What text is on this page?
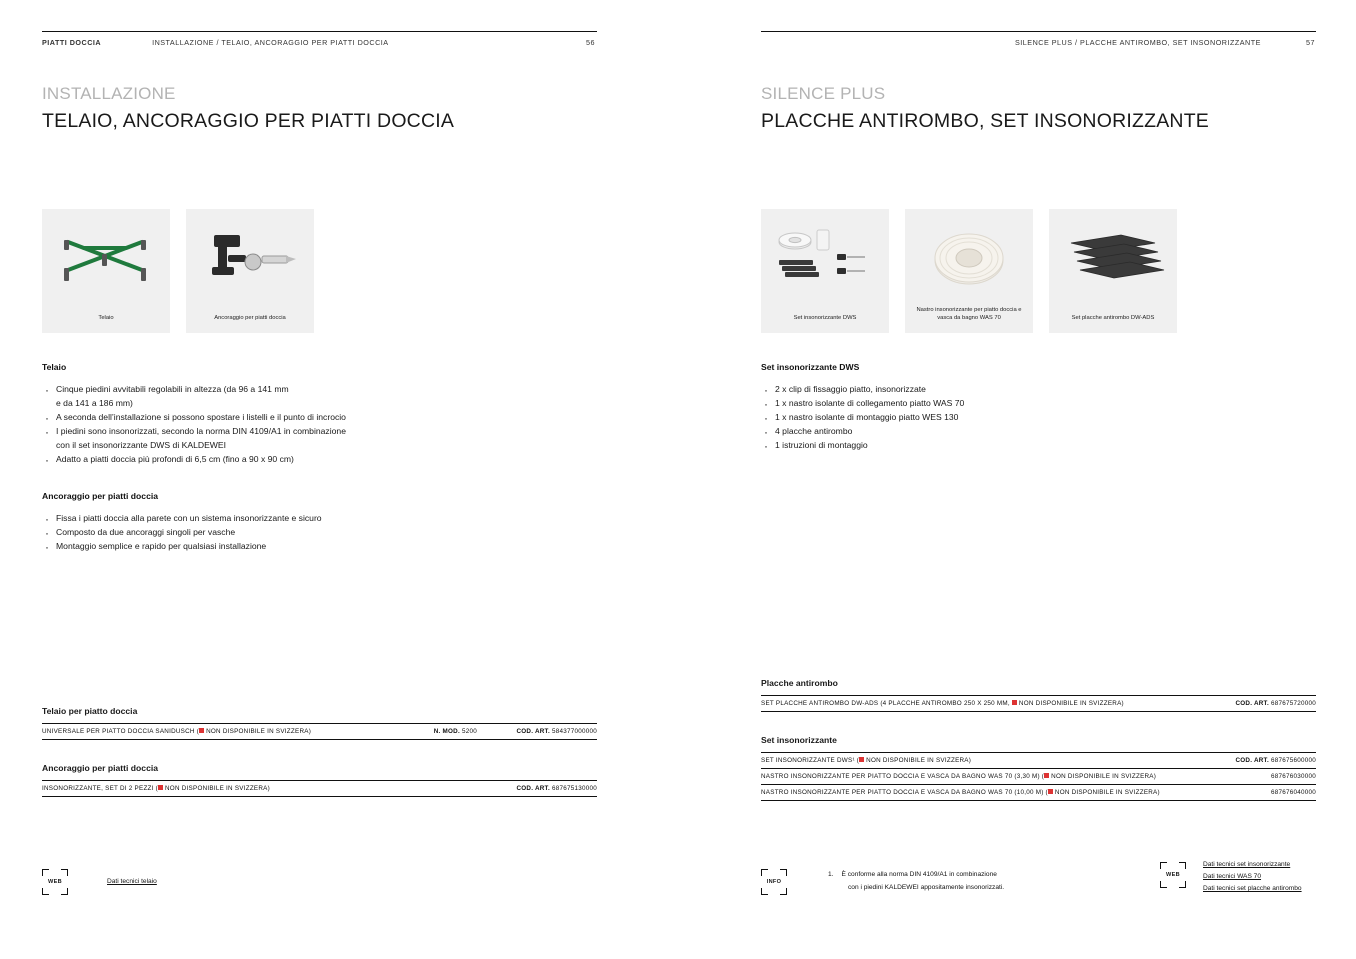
PIATTI DOCCIA	INSTALLAZIONE / TELAIO, ANCORAGGIO PER PIATTI DOCCIA	56	SILENCE PLUS / PLACCHE ANTIROMBO, SET INSONORIZZANTE	57
INSTALLAZIONE
TELAIO, ANCORAGGIO PER PIATTI DOCCIA
Telaio	Ancoraggio per piatti doccia
Telaio
· Cinque piedini avvitabili regolabili in altezza (da 96 a 141 mm
e da 141 a 186 mm)
· A seconda dell’installazione si possono spostare i listelli e il punto di incrocio
· I piedini sono insonorizzati, secondo la norma DIN 4109/A1 in combinazione
con il set insonorizzante DWS di KALDEWEI
· Adatto a piatti doccia più profondi di 6,5 cm (fino a 90 x 90 cm)
Ancoraggio per piatti doccia
· Fissa i piatti doccia alla parete con un sistema insonorizzante e sicuro
· Composto da due ancoraggi singoli per vasche
· Montaggio semplice e rapido per qualsiasi installazione
Telaio per piatto doccia
UNIVERSALE PER PIATTO DOCCIA SANIDUSCH ( NON DISPONIBILE IN SVIZZERA)	N. MOD. 5200	COD. ART. 584377000000
Ancoraggio per piatti doccia
INSONORIZZANTE, SET DI 2 PEZZI ( NON DISPONIBILE IN SVIZZERA)	COD. ART. 687675130000
WEB	Dati tecnici telaio
SILENCE PLUS
PLACCHE ANTIROMBO, SET INSONORIZZANTE
Set insonorizzante DWS
Nastro insonorizzante per piatto doccia e vasca da bagno WAS 70	Set placche antirombo DW-ADS
Set insonorizzante DWS
· 2 x clip di fissaggio piatto, insonorizzate
· 1 x nastro isolante di collegamento piatto WAS 70
· 1 x nastro isolante di montaggio piatto WES 130
· 4 placche antirombo
· 1 istruzioni di montaggio
Placche antirombo
SET PLACCHE ANTIROMBO DW-ADS (4 PLACCHE ANTIROMBO 250 X 250 MM, NON DISPONIBILE IN SVIZZERA)	COD. ART. 687675720000
Set insonorizzante
SET INSONORIZZANTE DWS¹ ( NON DISPONIBILE IN SVIZZERA)	COD. ART. 687675600000
NASTRO INSONORIZZANTE PER PIATTO DOCCIA E VASCA DA BAGNO WAS 70 (3,30 M) ( NON DISPONIBILE IN SVIZZERA)	687676030000
NASTRO INSONORIZZANTE PER PIATTO DOCCIA E VASCA DA BAGNO WAS 70 (10,00 M) ( NON DISPONIBILE IN SVIZZERA)	687676040000
INFO
1. È conforme alla norma DIN 4109/A1 in combinazione
con i piedini KALDEWEI appositamente insonorizzati.
WEB
Dati tecnici set insonorizzante
Dati tecnici WAS 70
Dati tecnici set placche antirombo
